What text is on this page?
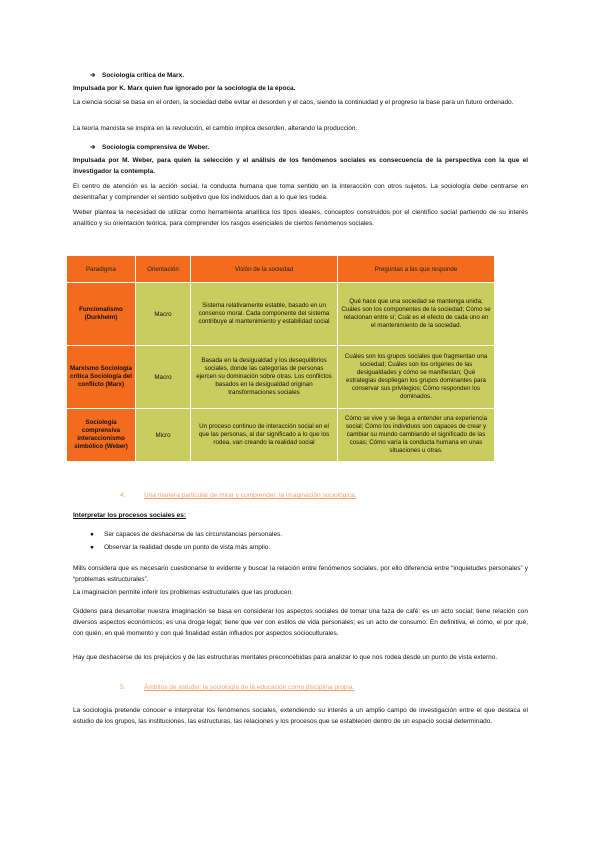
➔ Sociología crítica de Marx.
Impulsada por K. Marx quien fue ignorado por la sociología de la época.
La ciencia social se basa en el orden, la sociedad debe evitar el desorden y el caos, siendo la continuidad y el progreso la base para un futuro ordenado.
La teoría marxista se inspira en la revolución, el cambio implica desorden, alterando la producción.
➔ Sociología comprensiva de Weber.
Impulsada por M. Weber, para quien la selección y el análisis de los fenómenos sociales es consecuencia de la perspectiva con la que el investigador la contempla.
El centro de atención es la acción social, la conducta humana que toma sentido en la interacción con otros sujetos. La sociología debe centrarse en desentrañar y comprender el sentido subjetivo que los individuos dan a lo que les rodea.
Weber plantea la necesidad de utilizar como herramienta analítica los tipos ideales, conceptos construidos por el científico social partiendo de su interés analítico y su orientación teórica, para comprender los rasgos esenciales de ciertos fenómenos sociales.
Paradigma	Orientación	Visión de la sociedad	Preguntas a las que responde
Funcionalismo (Durkheim)	Macro	Sistema relativamente estable, basado en un consenso moral. Cada componente del sistema contribuye al mantenimiento y estabilidad social	Qué hace que una sociedad se mantenga unida; Cuáles son los componentes de la sociedad; Cómo se relacionan entre sí; Cuál es el efecto de cada uno en el mantenimiento de la sociedad.
Marxismo Sociología crítica Sociología del conflicto (Marx)	Macro	Basada en la desigualdad y los desequilibrios sociales, donde las categorías de personas ejercen su dominación sobre otras. Los conflictos basados en la desigualdad originan transformaciones sociales	Cuáles son los grupos sociales que fragmentan una sociedad; Cuáles son los orígenes de las desigualdades y cómo se manifiestan; Qué estrategias despliegan los grupos dominantes para conservar sus privilegios; Cómo responden los dominados.
Sociología comprensiva interaccionismo simbólico (Weber)	Micro	Un proceso continuo de interacción social en el que las personas, al dar significado a lo que los rodea, van creando la realidad social	Cómo se vive y se llega a entender una experiencia social; Cómo los individuos son capaces de crear y cambiar su mundo cambiando el significado de las cosas; Cómo varía la conducta humana en unas situaciones u otras.
4.	Una manera particular de mirar y comprender: la imaginación sociológica.
Interpretar los procesos sociales es:
● Ser capaces de deshacerse de las circunstancias personales.
● Observar la realidad desde un punto de vista más amplio.
Mills considera que es necesario cuestionarse lo evidente y buscar la relación entre fenómenos sociales, por ello diferencia entre “inquietudes personales” y “problemas estructurales”.
La imaginación permite inferir los problemas estructurales que las producen.
Giddens para desarrollar nuestra imaginación se basa en considerar los aspectos sociales de tomar una taza de café: es un acto social; tiene relación con diversos aspectos económicos; es una droga legal; tiene que ver con estilos de vida personales; es un acto de consumo. En definitiva, el cómo, el por qué, con quién, en qué momento y con qué finalidad están influidos por aspectos socioculturales.
Hay que deshacerse de los prejuicios y de las estructuras mentales preconcebidas para analizar lo que nos rodea desde un punto de vista externo.
5.	Ámbitos de estudio: la sociología de la educación como disciplina propia.
La sociología pretende conocer e interpretar los fenómenos sociales, extendiendo su interés a un amplio campo de investigación entre el que destaca el estudio de los grupos, las instituciones, las estructuras, las relaciones y los procesos que se establecen dentro de un espacio social determinado.
